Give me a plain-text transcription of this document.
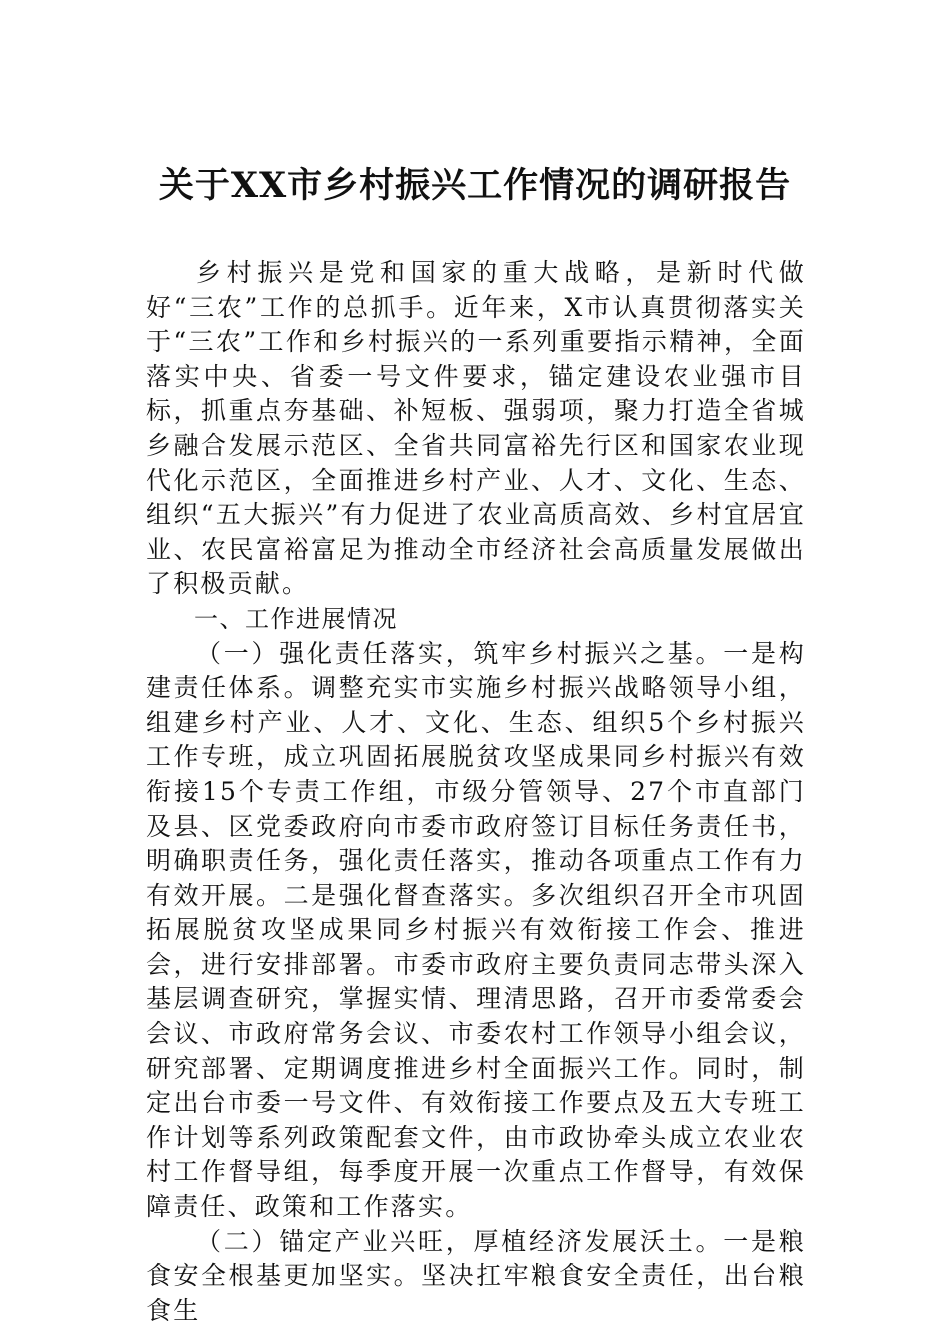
关于XX市乡村振兴工作情况的调研报告

乡村振兴是党和国家的重大战略，是新时代做好“三农”工作的总抓手。近年来，X市认真贯彻落实关于“三农”工作和乡村振兴的一系列重要指示精神，全面落实中央、省委一号文件要求，锚定建设农业强市目标，抓重点夯基础、补短板、强弱项，聚力打造全省城乡融合发展示范区、全省共同富裕先行区和国家农业现代化示范区，全面推进乡村产业、人才、文化、生态、组织“五大振兴”有力促进了农业高质高效、乡村宜居宜业、农民富裕富足为推动全市经济社会高质量发展做出了积极贡献。

一、工作进展情况

（一）强化责任落实，筑牢乡村振兴之基。一是构建责任体系。调整充实市实施乡村振兴战略领导小组，组建乡村产业、人才、文化、生态、组织5个乡村振兴工作专班，成立巩固拓展脱贫攻坚成果同乡村振兴有效衔接15个专责工作组，市级分管领导、27个市直部门及县、区党委政府向市委市政府签订目标任务责任书，明确职责任务，强化责任落实，推动各项重点工作有力有效开展。二是强化督查落实。多次组织召开全市巩固拓展脱贫攻坚成果同乡村振兴有效衔接工作会、推进会，进行安排部署。市委市政府主要负责同志带头深入基层调查研究，掌握实情、理清思路，召开市委常委会会议、市政府常务会议、市委农村工作领导小组会议，研究部署、定期调度推进乡村全面振兴工作。同时，制定出台市委一号文件、有效衔接工作要点及五大专班工作计划等系列政策配套文件，由市政协牵头成立农业农村工作督导组，每季度开展一次重点工作督导，有效保障责任、政策和工作落实。

（二）锚定产业兴旺，厚植经济发展沃土。一是粮食安全根基更加坚实。坚决扛牢粮食安全责任，出台粮食生
